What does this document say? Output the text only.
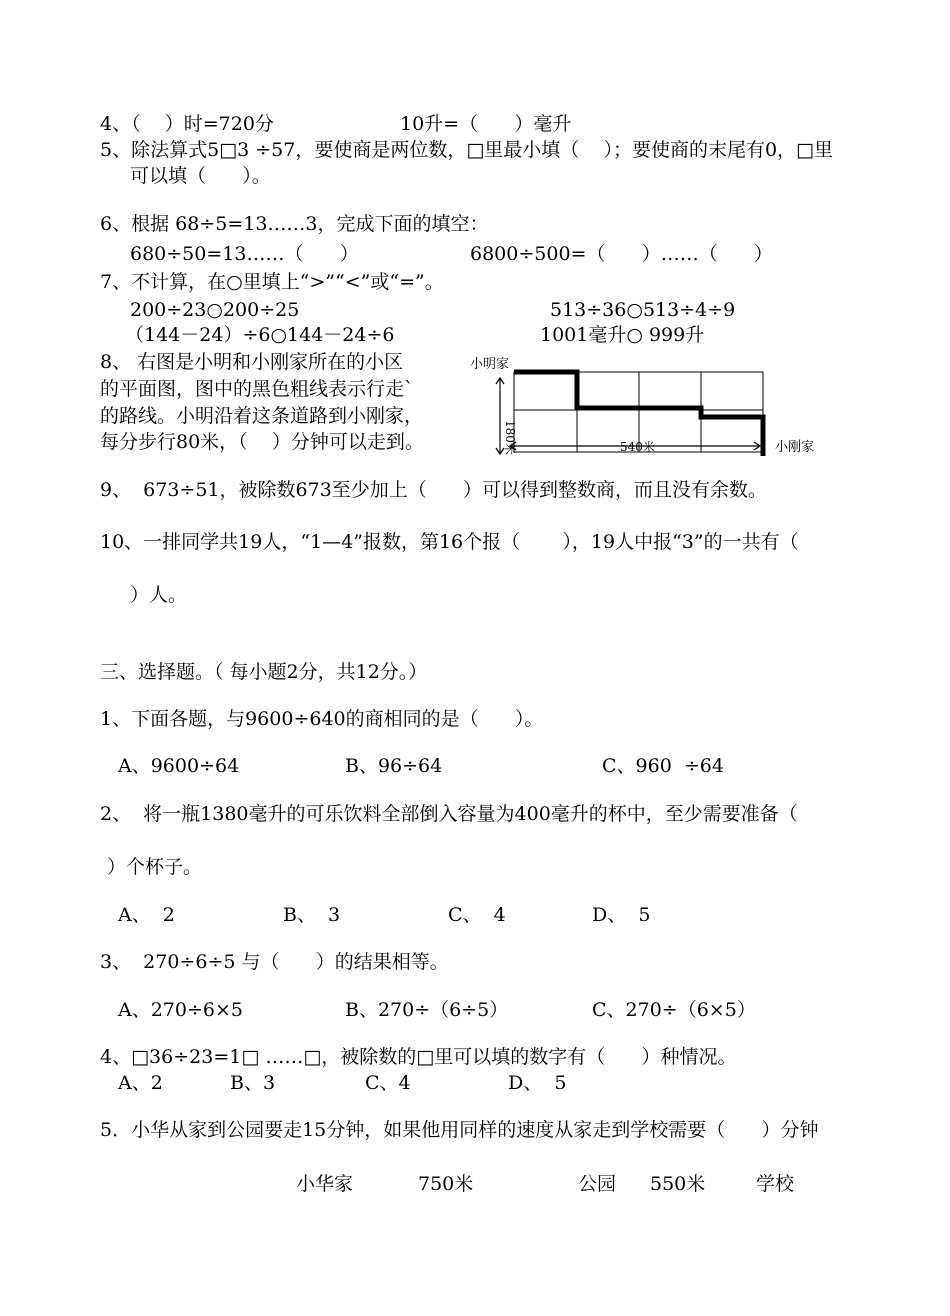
4、（    ）时=720分	10升=（      ）毫升
5、除法算式5□3 ÷57，要使商是两位数，□里最小填（    ）；要使商的末尾有0，□里
可以填（      ）。
6、根据 68÷5=13……3，完成下面的填空：
680÷50=13……（      ）	6800÷500=（      ）……（      ）
7、不计算，在○里填上“>”“<”或“=”。
200÷23○200÷25	513÷36○513÷4÷9
（144－24）÷6○144－24÷6	1001毫升○ 999升
8、 右图是小明和小刚家所在的小区
的平面图，图中的黑色粗线表示行走`
的路线。小明沿着这条道路到小刚家，
每分步行80米，（    ）分钟可以走到。
小明家
小刚家
540米
180米
9、  673÷51，被除数673至少加上（      ）可以得到整数商，而且没有余数。
10、一排同学共19人，“1—4”报数，第16个报（       ），19人中报“3”的一共有（
）人。
三、选择题。（ 每小题2分，共12分。）
1、下面各题，与9600÷640的商相同的是（      ）。
A、9600÷64	B、96÷64	C、960  ÷64
2、  将一瓶1380毫升的可乐饮料全部倒入容量为400毫升的杯中，至少需要准备（
）个杯子。
A、  2	B、  3	C、  4	D、  5
3、  270÷6÷5 与（      ）的结果相等。
A、270÷6×5	B、270÷（6÷5）	C、270÷（6×5）
4、□36÷23=1□ ……□，被除数的□里可以填的数字有（      ）种情况。
A、2	B、3	C、4	D、  5
5．小华从家到公园要走15分钟，如果他用同样的速度从家走到学校需要（      ）分钟
小华家	750米	公园 550米	学校
